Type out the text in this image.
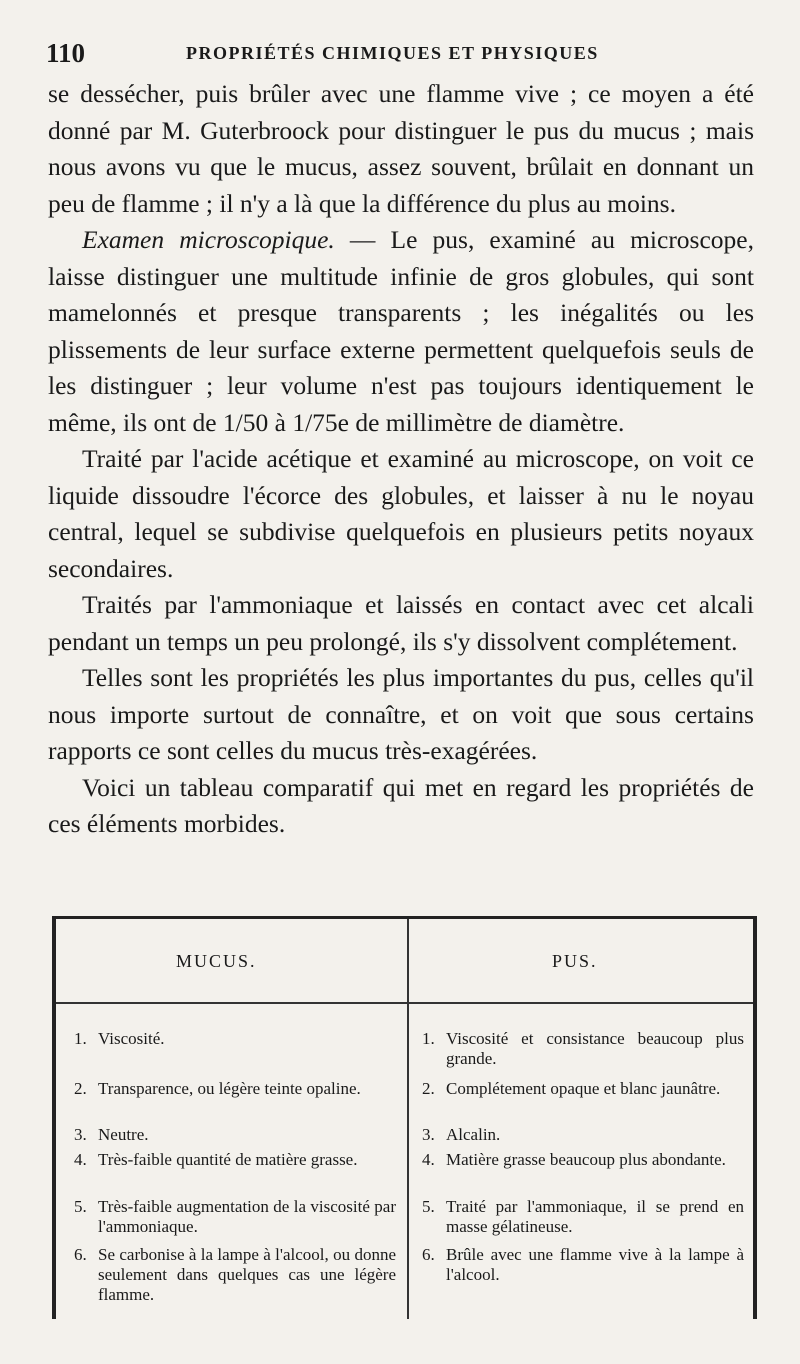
110	PROPRIÉTÉS CHIMIQUES ET PHYSIQUES

se dessécher, puis brûler avec une flamme vive ; ce moyen a été donné par M. Guterbroock pour distinguer le pus du mucus ; mais nous avons vu que le mucus, assez souvent, brûlait en donnant un peu de flamme ; il n'y a là que la différence du plus au moins.

Examen microscopique. — Le pus, examiné au microscope, laisse distinguer une multitude infinie de gros globules, qui sont mamelonnés et presque transparents ; les inégalités ou les plissements de leur surface externe permettent quelquefois seuls de les distinguer ; leur volume n'est pas toujours identiquement le même, ils ont de 1/50 à 1/75e de millimètre de diamètre.

Traité par l'acide acétique et examiné au microscope, on voit ce liquide dissoudre l'écorce des globules, et laisser à nu le noyau central, lequel se subdivise quelquefois en plusieurs petits noyaux secondaires.

Traités par l'ammoniaque et laissés en contact avec cet alcali pendant un temps un peu prolongé, ils s'y dissolvent complétement.

Telles sont les propriétés les plus importantes du pus, celles qu'il nous importe surtout de connaître, et on voit que sous certains rapports ce sont celles du mucus très-exagérées.

Voici un tableau comparatif qui met en regard les propriétés de ces éléments morbides.

MUCUS.	PUS.
1. Viscosité.
2. Transparence, ou légère teinte opaline.
3. Neutre.
4. Très-faible quantité de matière grasse.
5. Très-faible augmentation de la viscosité par l'ammoniaque.
6. Se carbonise à la lampe à l'alcool, ou donne seulement dans quelques cas une légère flamme.
1. Viscosité et consistance beaucoup plus grande.
2. Complétement opaque et blanc jaunâtre.
3. Alcalin.
4. Matière grasse beaucoup plus abondante.
5. Traité par l'ammoniaque, il se prend en masse gélatineuse.
6. Brûle avec une flamme vive à la lampe à l'alcool.
